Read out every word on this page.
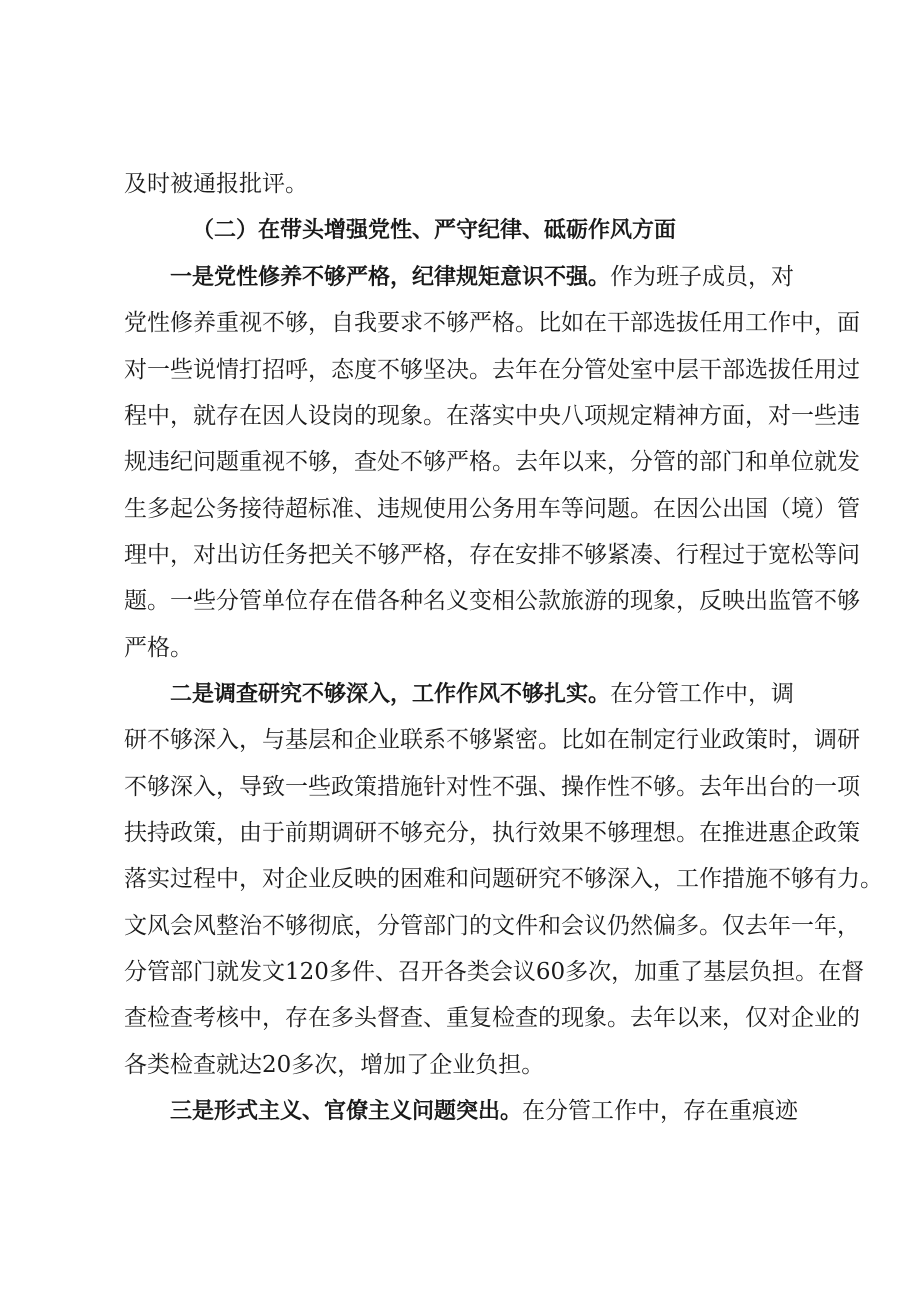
及时被通报批评。
（二）在带头增强党性、严守纪律、砥砺作风方面
一是党性修养不够严格，纪律规矩意识不强。作为班子成员，对
党性修养重视不够，自我要求不够严格。比如在干部选拔任用工作中，面
对一些说情打招呼，态度不够坚决。去年在分管处室中层干部选拔任用过
程中，就存在因人设岗的现象。在落实中央八项规定精神方面，对一些违
规违纪问题重视不够，查处不够严格。去年以来，分管的部门和单位就发
生多起公务接待超标准、违规使用公务用车等问题。在因公出国（境）管
理中，对出访任务把关不够严格，存在安排不够紧凑、行程过于宽松等问
题。一些分管单位存在借各种名义变相公款旅游的现象，反映出监管不够
严格。
二是调查研究不够深入，工作作风不够扎实。在分管工作中，调
研不够深入，与基层和企业联系不够紧密。比如在制定行业政策时，调研
不够深入，导致一些政策措施针对性不强、操作性不够。去年出台的一项
扶持政策，由于前期调研不够充分，执行效果不够理想。在推进惠企政策
落实过程中，对企业反映的困难和问题研究不够深入，工作措施不够有力。
文风会风整治不够彻底，分管部门的文件和会议仍然偏多。仅去年一年，
分管部门就发文120多件、召开各类会议60多次，加重了基层负担。在督
查检查考核中，存在多头督查、重复检查的现象。去年以来，仅对企业的
各类检查就达20多次，增加了企业负担。
三是形式主义、官僚主义问题突出。在分管工作中，存在重痕迹
